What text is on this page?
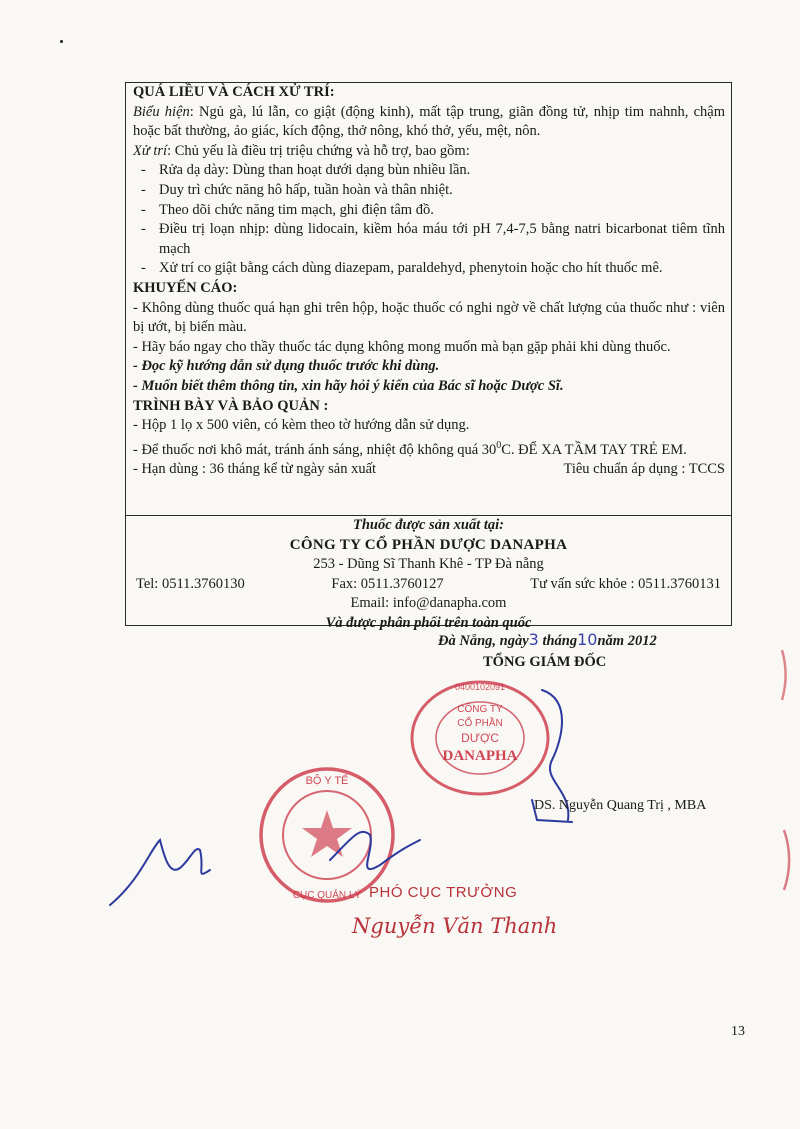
QUÁ LIỀU VÀ CÁCH XỬ TRÍ:
Biểu hiện: Ngủ gà, lú lẫn, co giật (động kinh), mất tập trung, giãn đồng tử, nhịp tim nahnh, chậm hoặc bất thường, ảo giác, kích động, thở nông, khó thở, yếu, mệt, nôn.
Xử trí: Chủ yếu là điều trị triệu chứng và hỗ trợ, bao gồm:
- Rửa dạ dày: Dùng than hoạt dưới dạng bùn nhiều lần.
- Duy trì chức năng hô hấp, tuần hoàn và thân nhiệt.
- Theo dõi chức năng tim mạch, ghi điện tâm đồ.
- Điều trị loạn nhịp: dùng lidocain, kiềm hóa máu tới pH 7,4-7,5 bằng natri bicarbonat tiêm tĩnh mạch
- Xử trí co giật bằng cách dùng diazepam, paraldehyd, phenytoin hoặc cho hít thuốc mê.
KHUYẾN CÁO:
- Không dùng thuốc quá hạn ghi trên hộp, hoặc thuốc có nghi ngờ về chất lượng của thuốc như : viên bị ướt, bị biến màu.
- Hãy báo ngay cho thầy thuốc tác dụng không mong muốn mà bạn gặp phải khi dùng thuốc.
- Đọc kỹ hướng dẫn sử dụng thuốc trước khi dùng.
- Muốn biết thêm thông tin, xin hãy hỏi ý kiến của Bác sĩ hoặc Dược Sĩ.
TRÌNH BÀY VÀ BẢO QUẢN :
- Hộp 1 lọ x 500 viên, có kèm theo tờ hướng dẫn sử dụng.
- Để thuốc nơi khô mát, tránh ánh sáng, nhiệt độ không quá $30^0C$. ĐỂ XA TẦM TAY TRẺ EM.
- Hạn dùng : 36 tháng kể từ ngày sản xuất	Tiêu chuẩn áp dụng : TCCS
Thuốc được sản xuất tại:
CÔNG TY CỔ PHẦN DƯỢC DANAPHA
253 - Dũng Sĩ Thanh Khê - TP Đà nẵng
Tel: 0511.3760130	Fax: 0511.3760127	Tư vấn sức khỏe : 0511.3760131
Email: info@danapha.com
Và được phân phối trên toàn quốc
Đà Nẵng, ngày3 tháng10năm 2012
TỔNG GIÁM ĐỐC
CÔNG TY
CỔ PHẦN
DƯỢC
DANAPHA
0400102091
BỘ Y TẾ
CỤC QUẢN LÝ
DS. Nguyễn Quang Trị , MBA
PHÓ CỤC TRƯỞNG
Nguyễn Văn Thanh
13
